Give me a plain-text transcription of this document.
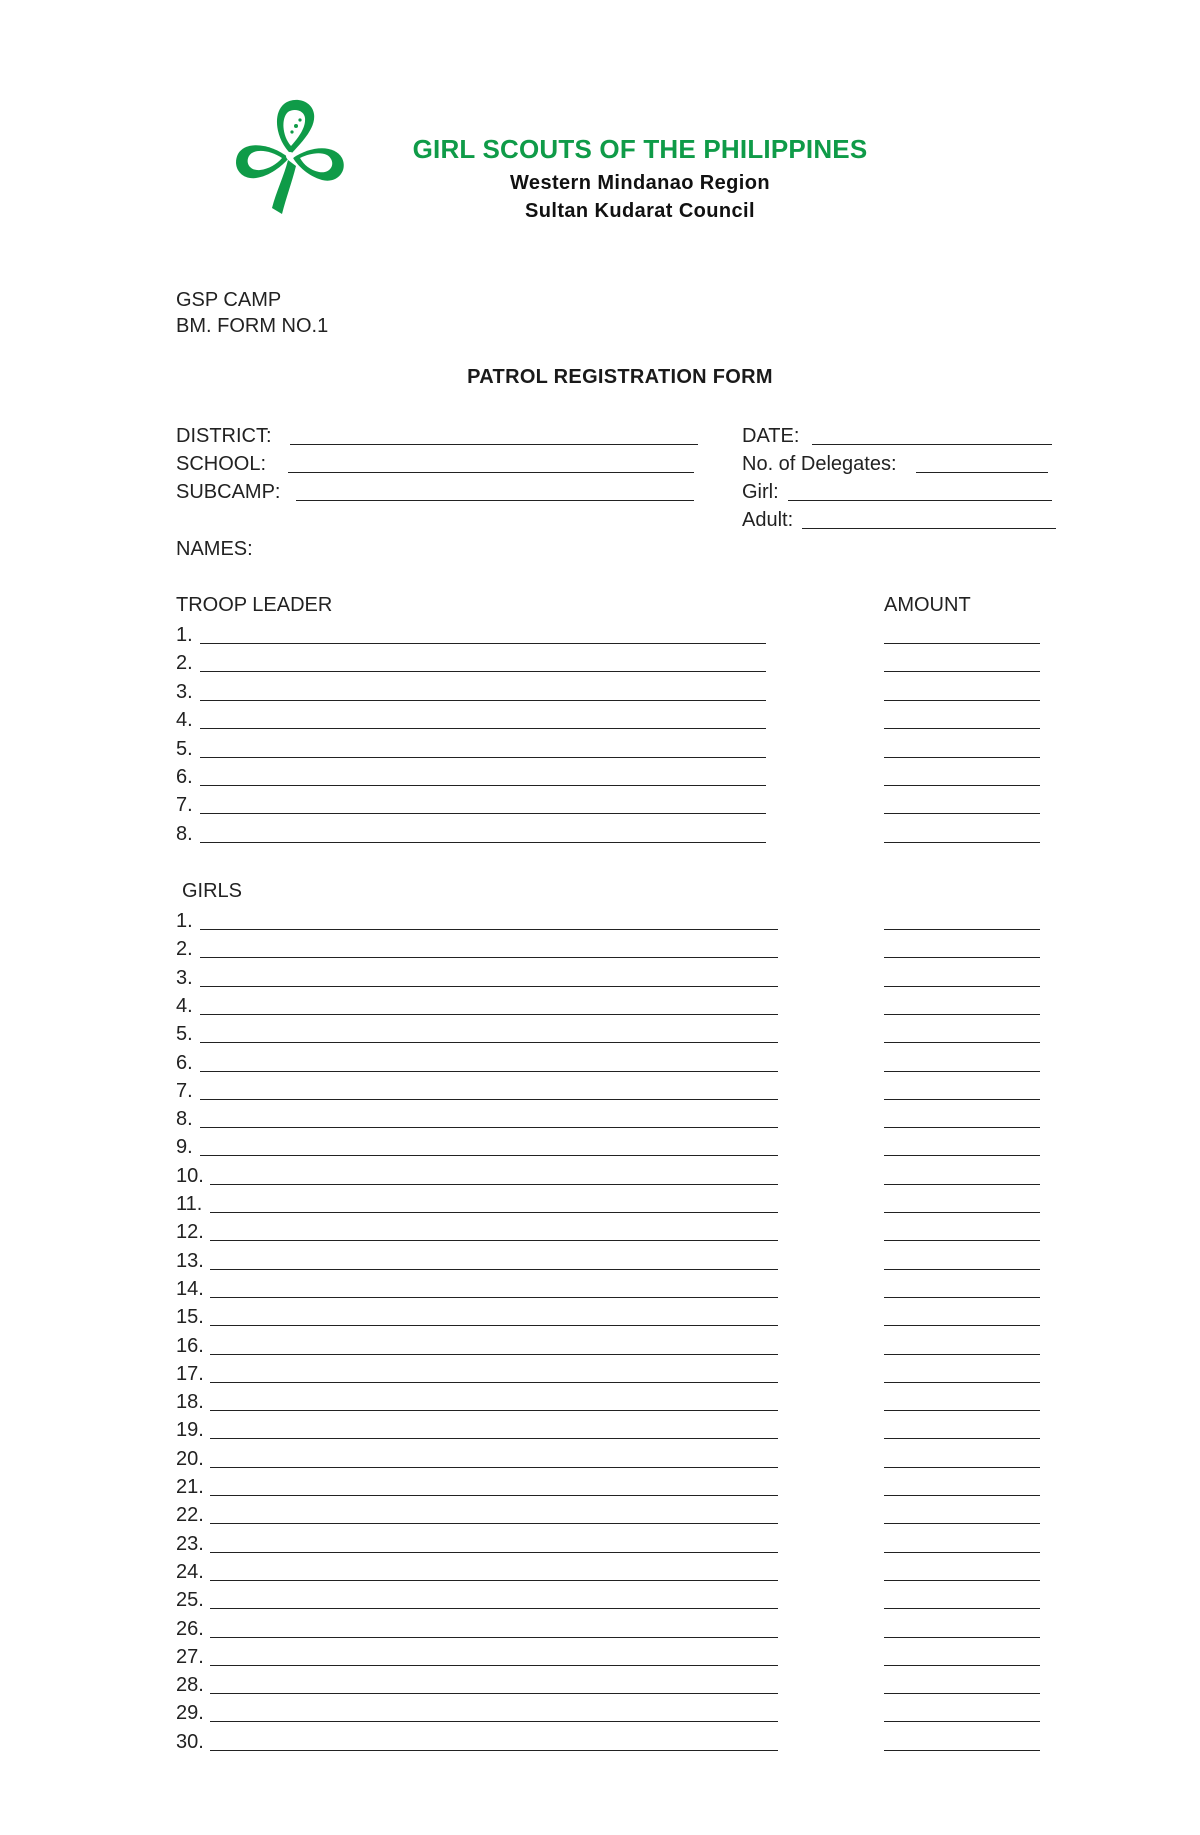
GIRL SCOUTS OF THE PHILIPPINES
Western Mindanao Region
Sultan Kudarat Council
GSP CAMP
BM. FORM NO.1
PATROL REGISTRATION FORM
DISTRICT:
SCHOOL:
SUBCAMP:
DATE:
No. of Delegates:
Girl:
Adult:
NAMES:
TROOP LEADER	AMOUNT
1.
2.
3.
4.
5.
6.
7.
8.
GIRLS
1.
2.
3.
4.
5.
6.
7.
8.
9.
10.
11.
12.
13.
14.
15.
16.
17.
18.
19.
20.
21.
22.
23.
24.
25.
26.
27.
28.
29.
30.
